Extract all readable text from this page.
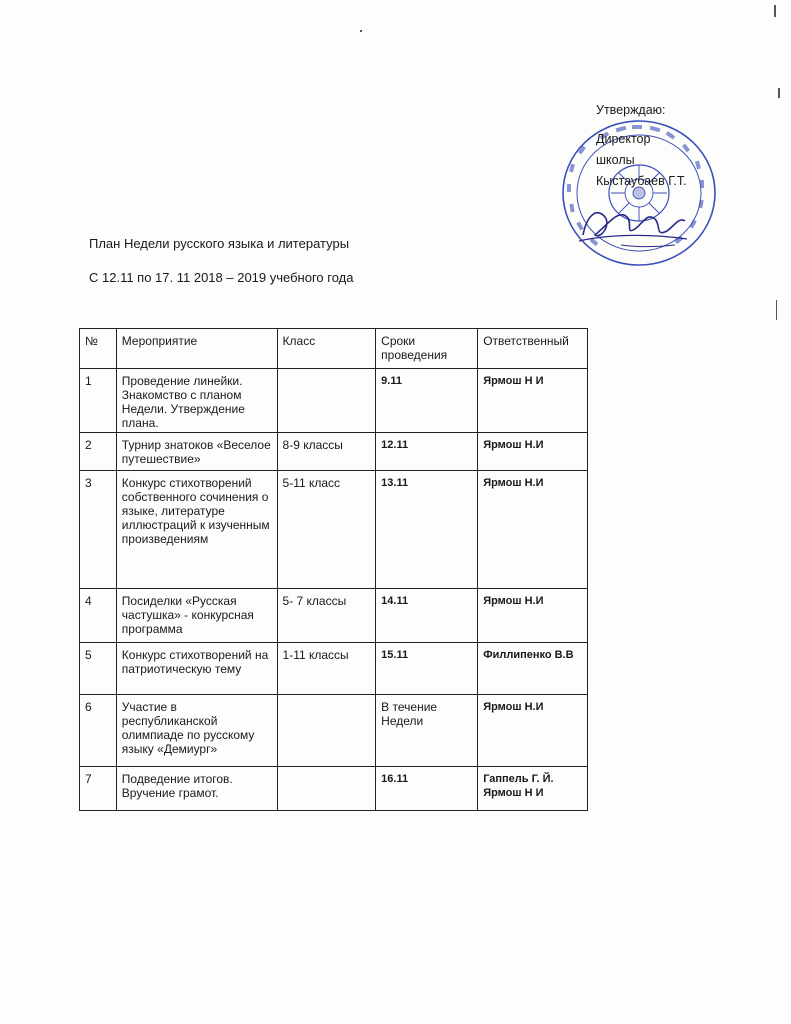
Утверждаю:
Директор
школы
Кыстаубаев Г.Т.
План Недели русского языка и литературы
С 12.11 по 17. 11 2018 – 2019 учебного года
№	Мероприятие	Класс	Сроки проведения	Ответственный
1	Проведение линейки. Знакомство с планом Недели. Утверждение плана.		9.11	Ярмош Н И
2	Турнир знатоков «Веселое путешествие»	8-9 классы	12.11	Ярмош Н.И
3	Конкурс стихотворений собственного сочинения о языке, литературе иллюстраций к изученным произведениям	5-11 класс	13.11	Ярмош Н.И
4	Посиделки «Русская частушка» - конкурсная программа	5- 7 классы	14.11	Ярмош Н.И
5	Конкурс стихотворений на патриотическую тему	1-11 классы	15.11	Филлипенко В.В
6	Участие в республиканской олимпиаде по русскому языку «Демиург»		В течение Недели	Ярмош Н.И
7	Подведение итогов. Вручение грамот.		16.11	Гаппель Г. Й. Ярмош Н И
